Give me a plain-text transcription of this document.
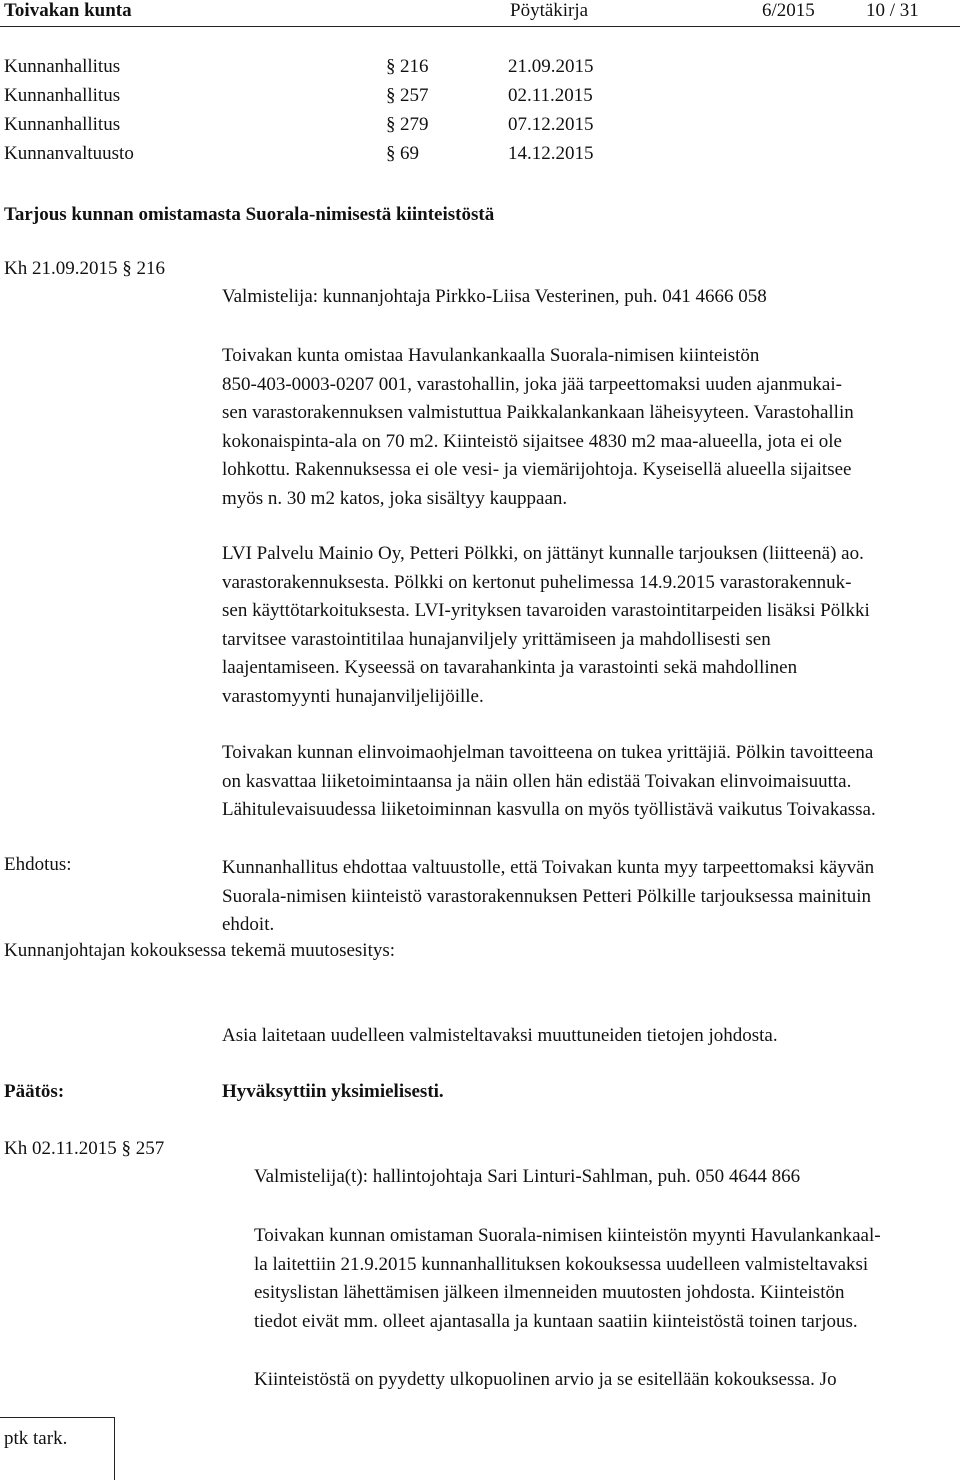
Toivakan kunta	Pöytäkirja	6/2015	10 / 31
Kunnanhallitus	§ 216	21.09.2015
Kunnanhallitus	§ 257	02.11.2015
Kunnanhallitus	§ 279	07.12.2015
Kunnanvaltuusto	§ 69	14.12.2015
Tarjous kunnan omistamasta Suorala-nimisestä kiinteistöstä
Kh 21.09.2015 § 216
Valmistelija: kunnanjohtaja Pirkko-Liisa Vesterinen, puh. 041 4666 058
Toivakan kunta omistaa Havulankankaalla Suorala-nimisen kiinteistön
850-403-0003-0207 001, varastohallin, joka jää tarpeettomaksi uuden ajanmukai-
sen varastorakennuksen valmistuttua Paikkalankankaan läheisyyteen. Varastohallin
kokonaispinta-ala on 70 m2. Kiinteistö sijaitsee 4830 m2 maa-alueella, jota ei ole
lohkottu. Rakennuksessa ei ole vesi- ja viemärijohtoja. Kyseisellä alueella sijaitsee
myös n. 30 m2 katos, joka sisältyy kauppaan.
LVI Palvelu Mainio Oy, Petteri Pölkki, on jättänyt kunnalle tarjouksen (liitteenä) ao.
varastorakennuksesta. Pölkki on kertonut puhelimessa 14.9.2015 varastorakennuk-
sen käyttötarkoituksesta. LVI-yrityksen tavaroiden varastointitarpeiden lisäksi Pölkki
tarvitsee varastointitilaa hunajanviljely yrittämiseen ja mahdollisesti sen
laajentamiseen. Kyseessä on tavarahankinta ja varastointi sekä mahdollinen
varastomyynti hunajanviljelijöille.
Toivakan kunnan elinvoimaohjelman tavoitteena on tukea yrittäjiä. Pölkin tavoitteena
on kasvattaa liiketoimintaansa ja näin ollen hän edistää Toivakan elinvoimaisuutta.
Lähitulevaisuudessa liiketoiminnan kasvulla on myös työllistävä vaikutus Toivakassa.
Ehdotus:	Kunnanhallitus ehdottaa valtuustolle, että Toivakan kunta myy tarpeettomaksi käyvän
Suorala-nimisen kiinteistö varastorakennuksen Petteri Pölkille tarjouksessa mainituin
ehdoit.
Kunnanjohtajan kokouksessa tekemä muutosesitys:
Asia laitetaan uudelleen valmisteltavaksi muuttuneiden tietojen johdosta.
Päätös:	Hyväksyttiin yksimielisesti.
Kh 02.11.2015 § 257
Valmistelija(t): hallintojohtaja Sari Linturi-Sahlman, puh. 050 4644 866
Toivakan kunnan omistaman Suorala-nimisen kiinteistön myynti Havulankankaal-
la laitettiin 21.9.2015 kunnanhallituksen kokouksessa uudelleen valmisteltavaksi
esityslistan lähettämisen jälkeen ilmenneiden muutosten johdosta. Kiinteistön
tiedot eivät mm. olleet ajantasalla ja kuntaan saatiin kiinteistöstä toinen tarjous.
Kiinteistöstä on pyydetty ulkopuolinen arvio ja se esitellään kokouksessa. Jo
ptk tark.
